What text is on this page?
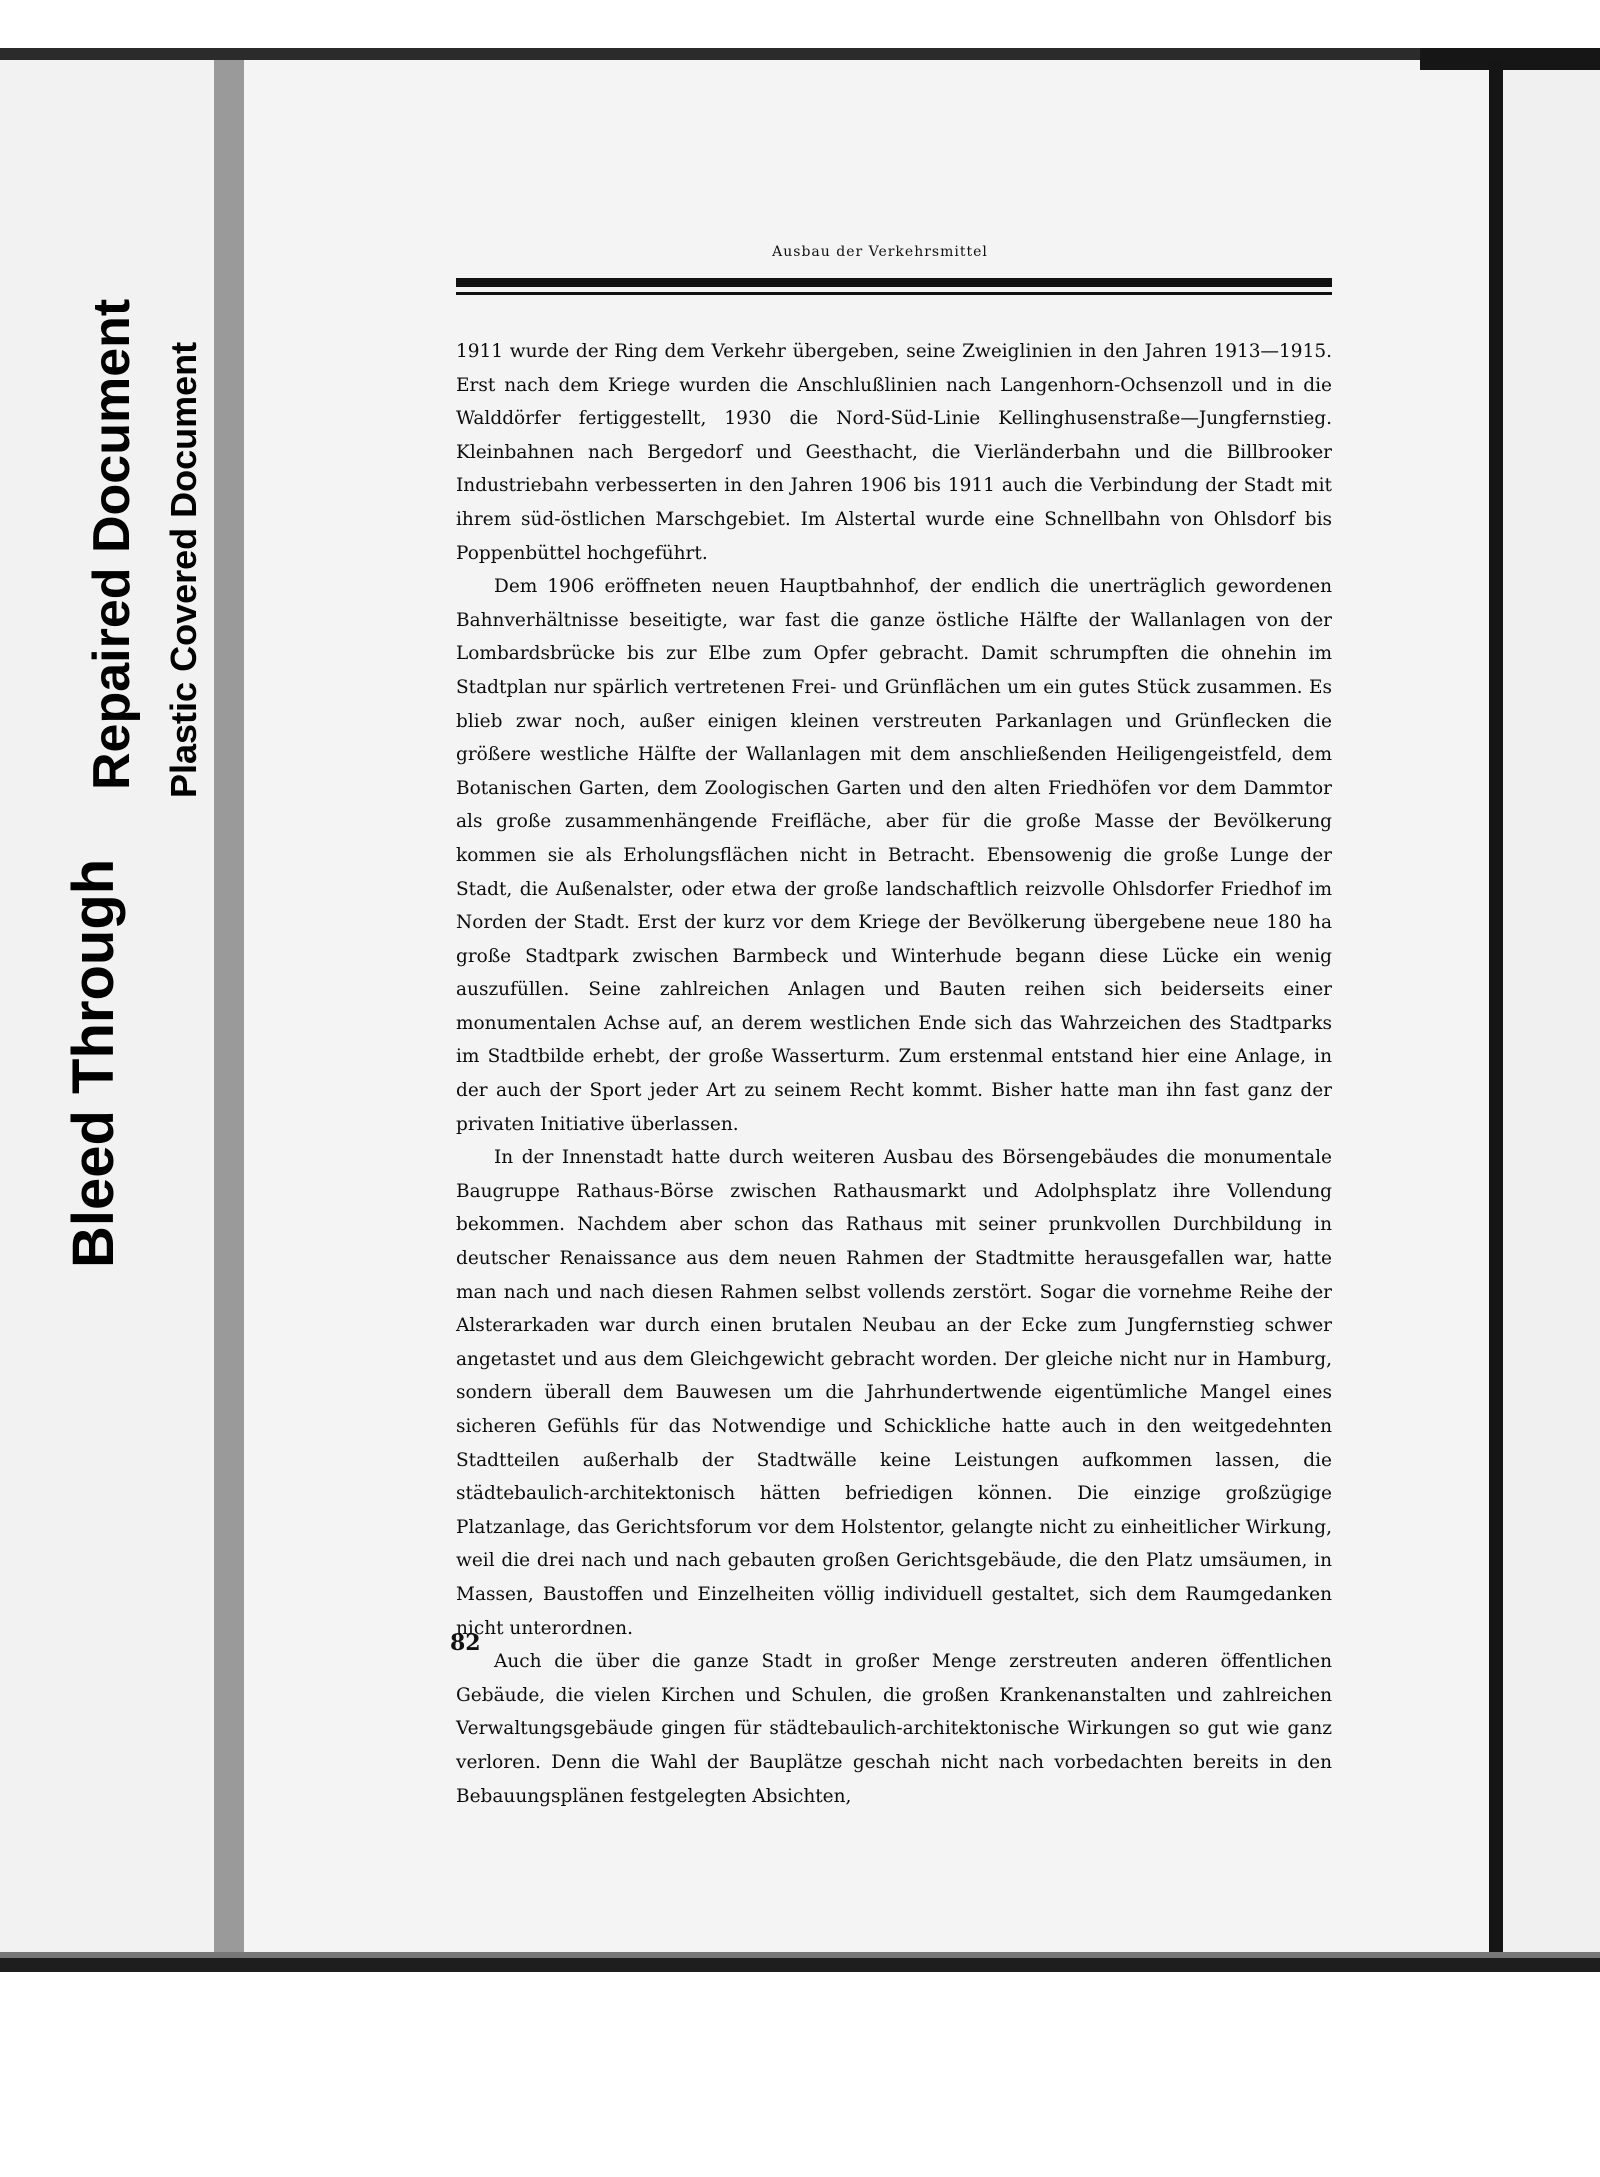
Bleed Through
Repaired Document Plastic Covered Document
Ausbau der Verkehrsmittel

1911 wurde der Ring dem Verkehr übergeben, seine Zweiglinien in den Jahren 1913—1915. Erst nach dem Kriege wurden die Anschlußlinien nach Langenhorn-Ochsenzoll und in die Walddörfer fertiggestellt, 1930 die Nord-Süd-Linie Kellinghusenstraße—Jungfernstieg. Kleinbahnen nach Bergedorf und Geesthacht, die Vierländerbahn und die Billbrooker Industriebahn verbesserten in den Jahren 1906 bis 1911 auch die Verbindung der Stadt mit ihrem süd-östlichen Marschgebiet. Im Alstertal wurde eine Schnellbahn von Ohlsdorf bis Poppenbüttel hochgeführt.

Dem 1906 eröffneten neuen Hauptbahnhof, der endlich die unerträglich gewordenen Bahnverhältnisse beseitigte, war fast die ganze östliche Hälfte der Wallanlagen von der Lombardsbrücke bis zur Elbe zum Opfer gebracht. Damit schrumpften die ohnehin im Stadtplan nur spärlich vertretenen Frei- und Grünflächen um ein gutes Stück zusammen. Es blieb zwar noch, außer einigen kleinen verstreuten Parkanlagen und Grünflecken die größere westliche Hälfte der Wallanlagen mit dem anschließenden Heiligengeistfeld, dem Botanischen Garten, dem Zoologischen Garten und den alten Friedhöfen vor dem Dammtor als große zusammenhängende Freifläche, aber für die große Masse der Bevölkerung kommen sie als Erholungsflächen nicht in Betracht. Ebensowenig die große Lunge der Stadt, die Außenalster, oder etwa der große landschaftlich reizvolle Ohlsdorfer Friedhof im Norden der Stadt. Erst der kurz vor dem Kriege der Bevölkerung übergebene neue 180 ha große Stadtpark zwischen Barmbeck und Winterhude begann diese Lücke ein wenig auszufüllen. Seine zahlreichen Anlagen und Bauten reihen sich beiderseits einer monumentalen Achse auf, an derem westlichen Ende sich das Wahrzeichen des Stadtparks im Stadtbilde erhebt, der große Wasserturm. Zum erstenmal entstand hier eine Anlage, in der auch der Sport jeder Art zu seinem Recht kommt. Bisher hatte man ihn fast ganz der privaten Initiative überlassen.

In der Innenstadt hatte durch weiteren Ausbau des Börsengebäudes die monumentale Baugruppe Rathaus-Börse zwischen Rathausmarkt und Adolphsplatz ihre Vollendung bekommen. Nachdem aber schon das Rathaus mit seiner prunkvollen Durchbildung in deutscher Renaissance aus dem neuen Rahmen der Stadtmitte herausgefallen war, hatte man nach und nach diesen Rahmen selbst vollends zerstört. Sogar die vornehme Reihe der Alsterarkaden war durch einen brutalen Neubau an der Ecke zum Jungfernstieg schwer angetastet und aus dem Gleichgewicht gebracht worden. Der gleiche nicht nur in Hamburg, sondern überall dem Bauwesen um die Jahrhundertwende eigentümliche Mangel eines sicheren Gefühls für das Notwendige und Schickliche hatte auch in den weitgedehnten Stadtteilen außerhalb der Stadtwälle keine Leistungen aufkommen lassen, die städtebaulich-architektonisch hätten befriedigen können. Die einzige großzügige Platzanlage, das Gerichtsforum vor dem Holstentor, gelangte nicht zu einheitlicher Wirkung, weil die drei nach und nach gebauten großen Gerichtsgebäude, die den Platz umsäumen, in Massen, Baustoffen und Einzelheiten völlig individuell gestaltet, sich dem Raumgedanken nicht unterordnen.

Auch die über die ganze Stadt in großer Menge zerstreuten anderen öffentlichen Gebäude, die vielen Kirchen und Schulen, die großen Krankenanstalten und zahlreichen Verwaltungsgebäude gingen für städtebaulich-architektonische Wirkungen so gut wie ganz verloren. Denn die Wahl der Bauplätze geschah nicht nach vorbedachten bereits in den Bebauungsplänen festgelegten Absichten,

82
